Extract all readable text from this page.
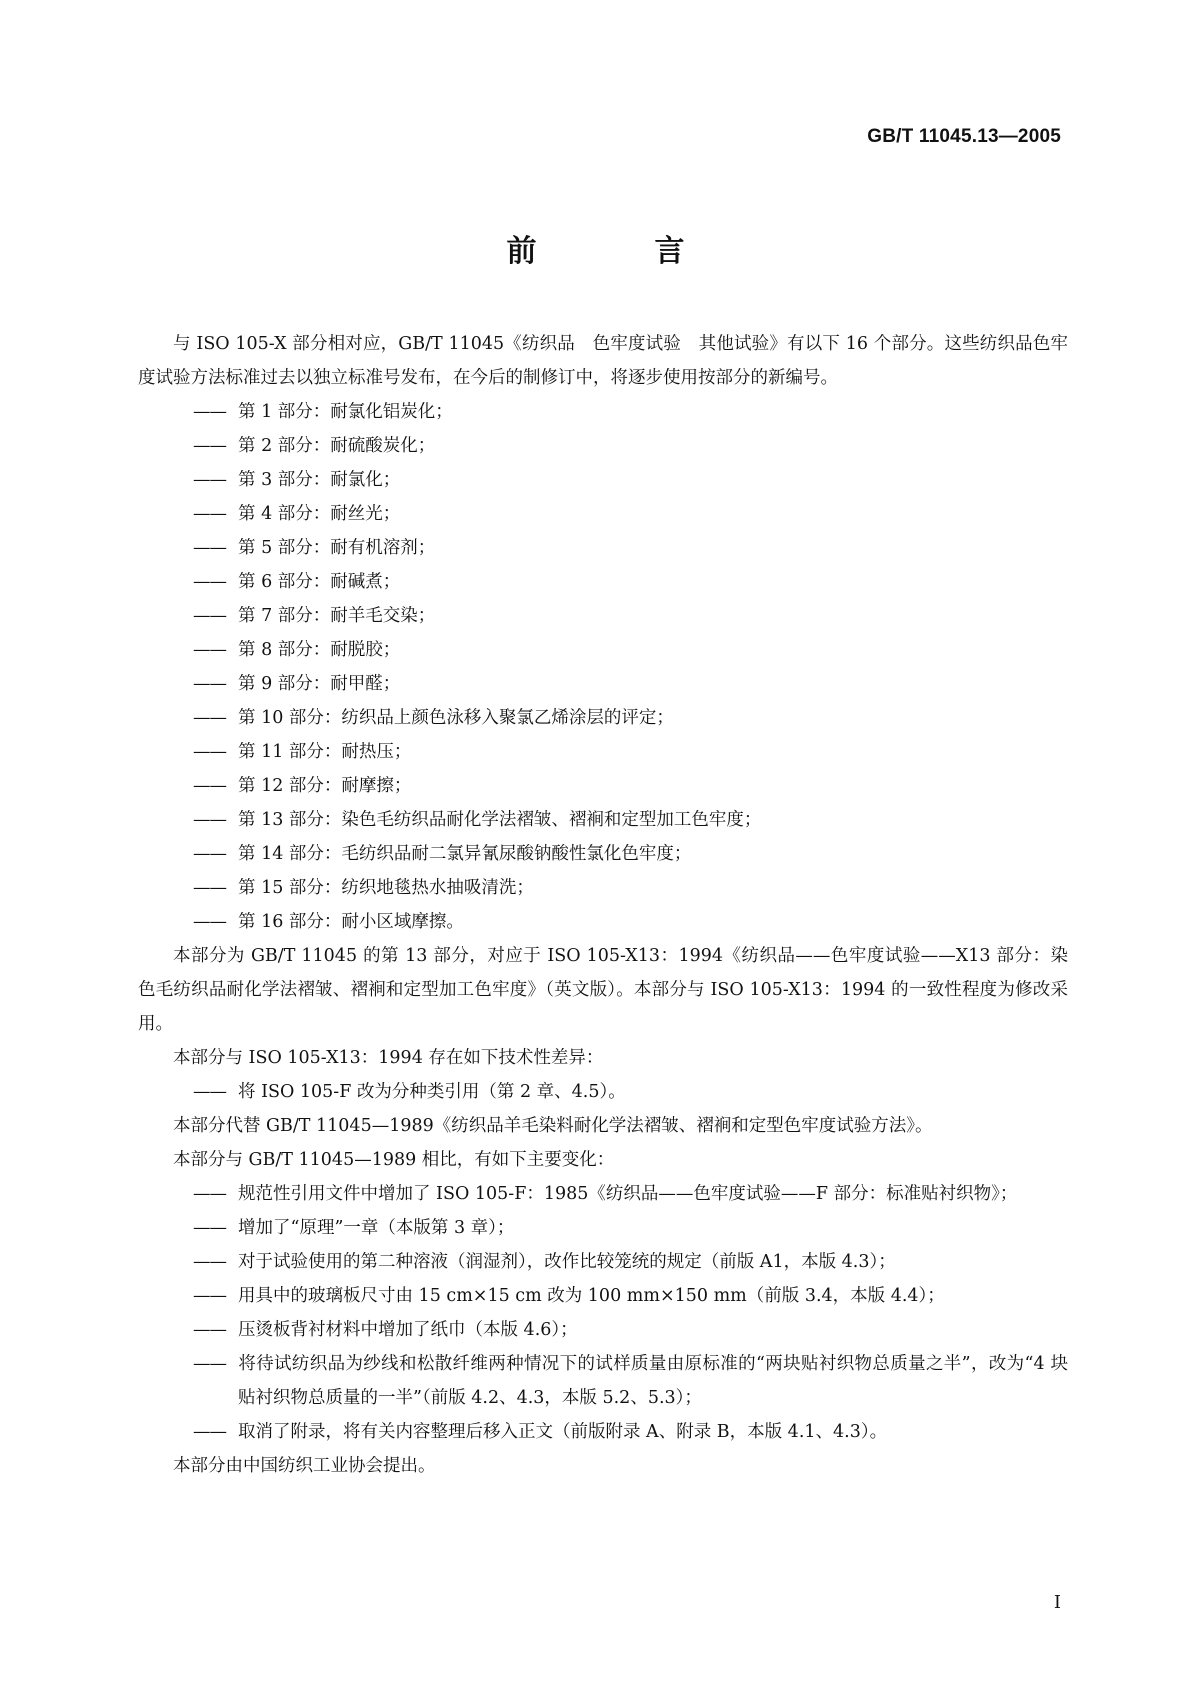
GB/T 11045.13—2005
前　言

与 ISO 105-X 部分相对应，GB/T 11045《纺织品　色牢度试验　其他试验》有以下 16 个部分。这些纺织品色牢度试验方法标准过去以独立标准号发布，在今后的制修订中，将逐步使用按部分的新编号。

—— 第 1 部分：耐氯化铝炭化；

—— 第 2 部分：耐硫酸炭化；

—— 第 3 部分：耐氯化；

—— 第 4 部分：耐丝光；

—— 第 5 部分：耐有机溶剂；

—— 第 6 部分：耐碱煮；

—— 第 7 部分：耐羊毛交染；

—— 第 8 部分：耐脱胶；

—— 第 9 部分：耐甲醛；

—— 第 10 部分：纺织品上颜色泳移入聚氯乙烯涂层的评定；

—— 第 11 部分：耐热压；

—— 第 12 部分：耐摩擦；

—— 第 13 部分：染色毛纺织品耐化学法褶皱、褶裥和定型加工色牢度；

—— 第 14 部分：毛纺织品耐二氯异氰尿酸钠酸性氯化色牢度；

—— 第 15 部分：纺织地毯热水抽吸清洗；

—— 第 16 部分：耐小区域摩擦。

本部分为 GB/T 11045 的第 13 部分，对应于 ISO 105-X13：1994《纺织品——色牢度试验——X13 部分：染色毛纺织品耐化学法褶皱、褶裥和定型加工色牢度》（英文版）。本部分与 ISO 105-X13：1994 的一致性程度为修改采用。

本部分与 ISO 105-X13：1994 存在如下技术性差异：

—— 将 ISO 105-F 改为分种类引用（第 2 章、4.5）。

本部分代替 GB/T 11045—1989《纺织品羊毛染料耐化学法褶皱、褶裥和定型色牢度试验方法》。

本部分与 GB/T 11045—1989 相比，有如下主要变化：

—— 规范性引用文件中增加了 ISO 105-F：1985《纺织品——色牢度试验——F 部分：标准贴衬织物》；

—— 增加了“原理”一章（本版第 3 章）；

—— 对于试验使用的第二种溶液（润湿剂），改作比较笼统的规定（前版 A1，本版 4.3）；

—— 用具中的玻璃板尺寸由 15 cm×15 cm 改为 100 mm×150 mm（前版 3.4，本版 4.4）；

—— 压烫板背衬材料中增加了纸巾（本版 4.6）；

—— 将待试纺织品为纱线和松散纤维两种情况下的试样质量由原标准的“两块贴衬织物总质量之半”，改为“4 块贴衬织物总质量的一半”（前版 4.2、4.3，本版 5.2、5.3）；

—— 取消了附录，将有关内容整理后移入正文（前版附录 A、附录 B，本版 4.1、4.3）。

本部分由中国纺织工业协会提出。

I
